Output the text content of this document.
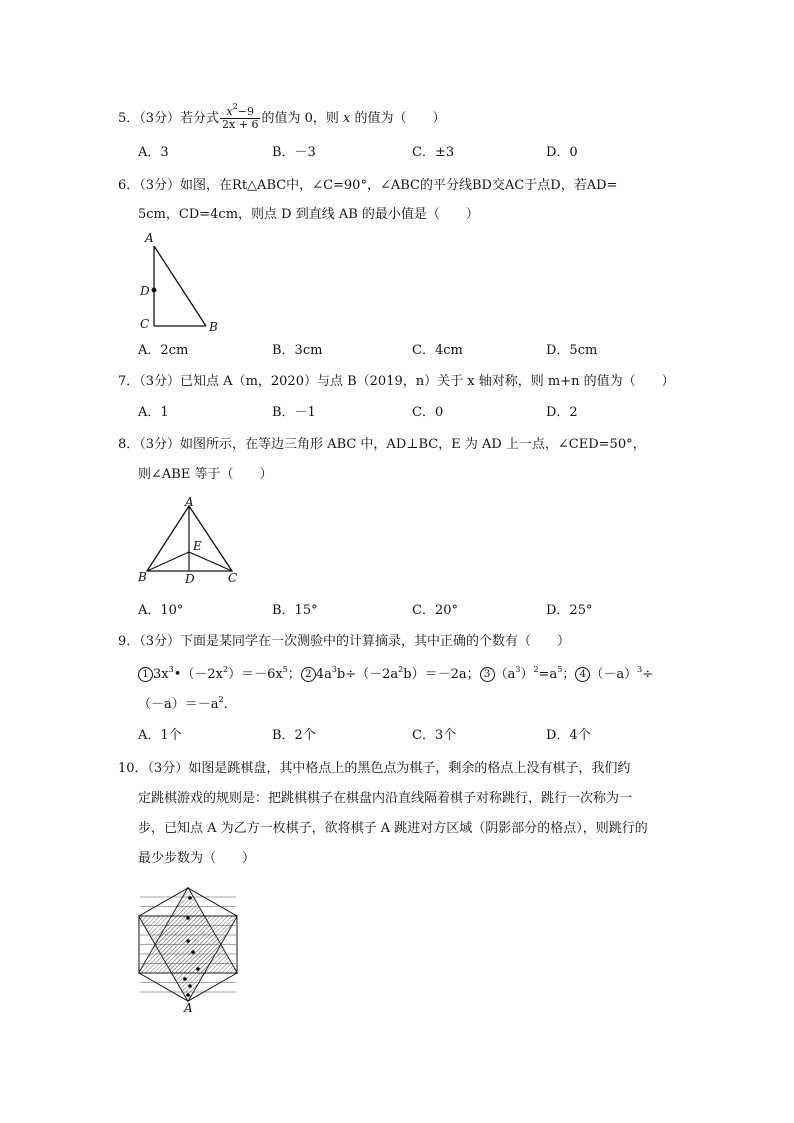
5．（3分）若分式 $\frac{x^2-9}{2x + 6}$ 的值为 0，则 x 的值为（　　）
A．3	B．－3	C．±3	D．0
6．（3分）如图，在Rt△ABC中，∠C=90°，∠ABC的平分线BD交AC于点D，若AD=
5cm，CD=4cm，则点 D 到直线 AB 的最小值是（　　）
A
D
C	B
A．2cm	B．3cm	C．4cm	D．5cm
7．（3分）已知点 A（m，2020）与点 B（2019，n）关于 x 轴对称，则 m+n 的值为（　　）
A．1	B．－1	C．0	D．2
8．（3分）如图所示，在等边三角形 ABC 中，AD⊥BC，E 为 AD 上一点，∠CED=50°，
则∠ABE 等于（　　）
A
E
B	D	C
A．10°	B．15°	C．20°	D．25°
9．（3分）下面是某同学在一次测验中的计算摘录，其中正确的个数有（　　）
1 $3x^3•(-2x^2)=-6x^5$； 2 $4a^3b\div(-2a^2b)=-2a$； 3 $(a^3)^2=a^5$； 4 $(-a)^3\div$
$(-a)=-a^2$.
A．1个	B．2个	C．3个	D．4个
10．（3分）如图是跳棋盘，其中格点上的黑色点为棋子，剩余的格点上没有棋子，我们约
定跳棋游戏的规则是：把跳棋棋子在棋盘内沿直线隔着棋子对称跳行，跳行一次称为一
步，已知点 A 为乙方一枚棋子，欲将棋子 A 跳进对方区域（阴影部分的格点），则跳行的
最少步数为（　　）
A
